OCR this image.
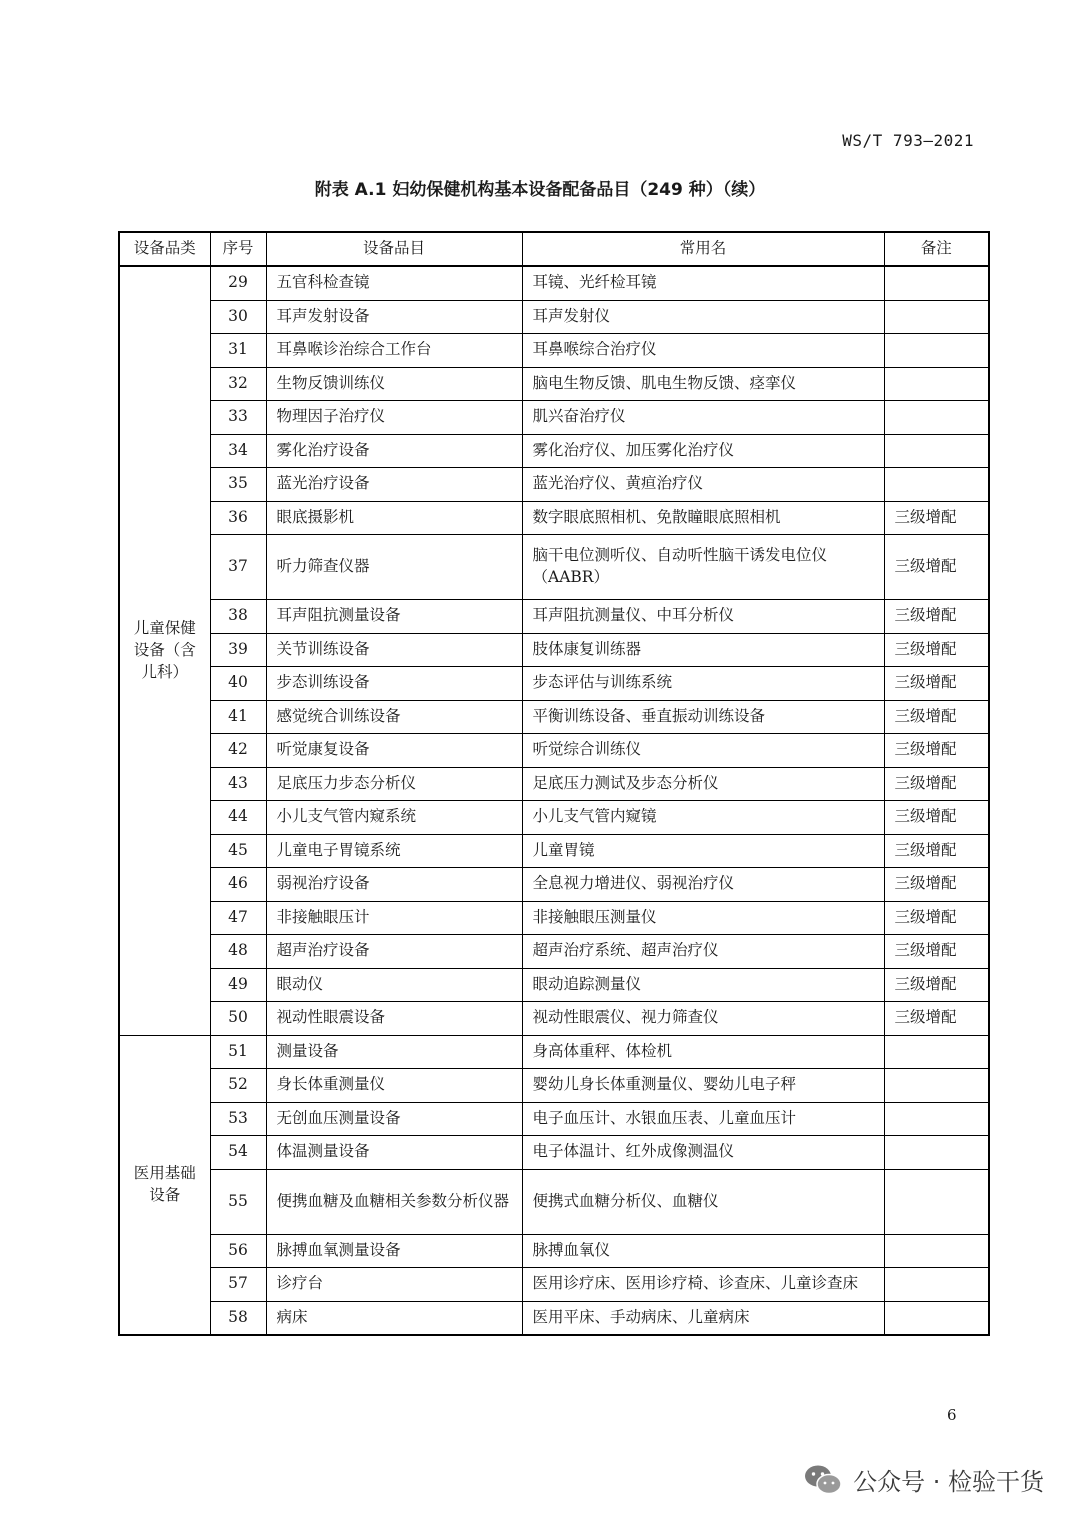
WS/T 793—2021
附表 A.1 妇幼保健机构基本设备配备品目（249 种）（续）
设备品类	序号	设备品目	常用名	备注
儿童保健设备（含儿科）	29	五官科检查镜	耳镜、光纤检耳镜	
	30	耳声发射设备	耳声发射仪	
	31	耳鼻喉诊治综合工作台	耳鼻喉综合治疗仪	
	32	生物反馈训练仪	脑电生物反馈、肌电生物反馈、痉挛仪	
	33	物理因子治疗仪	肌兴奋治疗仪	
	34	雾化治疗设备	雾化治疗仪、加压雾化治疗仪	
	35	蓝光治疗设备	蓝光治疗仪、黄疸治疗仪	
	36	眼底摄影机	数字眼底照相机、免散瞳眼底照相机	三级增配
	37	听力筛查仪器	脑干电位测听仪、自动听性脑干诱发电位仪（AABR）	三级增配
	38	耳声阻抗测量设备	耳声阻抗测量仪、中耳分析仪	三级增配
	39	关节训练设备	肢体康复训练器	三级增配
	40	步态训练设备	步态评估与训练系统	三级增配
	41	感觉统合训练设备	平衡训练设备、垂直振动训练设备	三级增配
	42	听觉康复设备	听觉综合训练仪	三级增配
	43	足底压力步态分析仪	足底压力测试及步态分析仪	三级增配
	44	小儿支气管内窥系统	小儿支气管内窥镜	三级增配
	45	儿童电子胃镜系统	儿童胃镜	三级增配
	46	弱视治疗设备	全息视力增进仪、弱视治疗仪	三级增配
	47	非接触眼压计	非接触眼压测量仪	三级增配
	48	超声治疗设备	超声治疗系统、超声治疗仪	三级增配
	49	眼动仪	眼动追踪测量仪	三级增配
	50	视动性眼震设备	视动性眼震仪、视力筛查仪	三级增配
医用基础设备	51	测量设备	身高体重秤、体检机	
	52	身长体重测量仪	婴幼儿身长体重测量仪、婴幼儿电子秤	
	53	无创血压测量设备	电子血压计、水银血压表、儿童血压计	
	54	体温测量设备	电子体温计、红外成像测温仪	
	55	便携血糖及血糖相关参数分析仪器	便携式血糖分析仪、血糖仪	
	56	脉搏血氧测量设备	脉搏血氧仪	
	57	诊疗台	医用诊疗床、医用诊疗椅、诊查床、儿童诊查床	
	58	病床	医用平床、手动病床、儿童病床	
6
公众号 · 检验干货
